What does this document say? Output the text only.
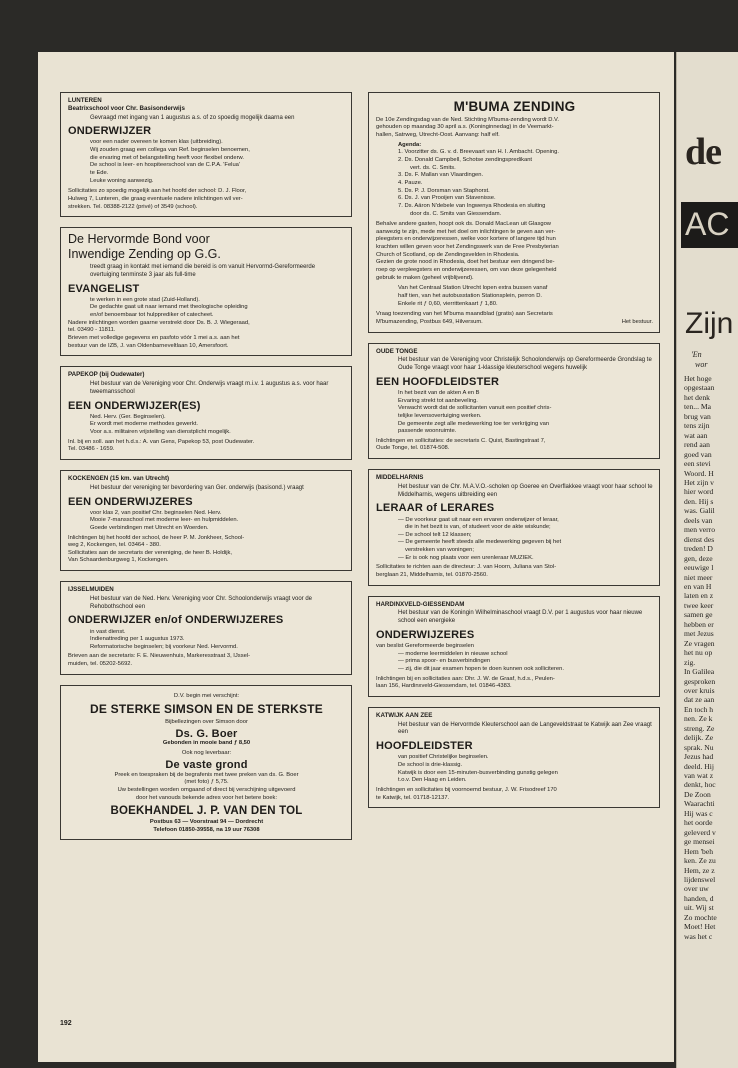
LUNTEREN
Beatrixschool voor Chr. Basisonderwijs
Gevraagd met ingang van 1 augustus a.s. of zo spoedig mogelijk daarna een
ONDERWIJZER
voor een nader overeen te komen klas (uitbreiding).
Wij zouden graag een collega van Ref. beginselen benoemen,
die ervaring met of belangstelling heeft voor flexibel onderw.
De school is leer- en hospiteerschool van de C.P.A. 'Felua'
te Ede.
Leuke woning aanwezig.
Sollicitaties zo spoedig mogelijk aan het hoofd der school: D. J. Floor,
Hulweg 7, Lunteren, die graag eventuele nadere inlichtingen wil ver-
strekken. Tel. 08388-2122 (privé) of 3549 (school).
De Hervormde Bond voor
Inwendige Zending op G.G.
treedt graag in kontakt met iemand die bereid is om vanuit Hervormd-Gereformeerde overtuiging tenminste 3 jaar als full-time
EVANGELIST
te werken in een grote stad (Zuid-Holland).
De gedachte gaat uit naar iemand met theologische opleiding
en/of benoembaar tot hulpprediker of catecheet.
Nadere inlichtingen worden gaarne verstrekt door Ds. B. J. Wiegeraad,
tel. 03490 - 11811.
Brieven met volledige gegevens en pasfoto vóór 1 mei a.s. aan het
bestuur van de IZB, J. van Oldenbarneveltlaan 10, Amersfoort.
PAPEKOP (bij Oudewater)
Het bestuur van de Vereniging voor Chr. Onderwijs vraagt m.i.v. 1 augustus a.s. voor haar tweemansschool
EEN ONDERWIJZER(ES)
Ned. Herv. (Ger. Beginselen).
Er wordt met moderne methodes gewerkt.
Voor a.s. militairen vrijstelling van dienstplicht mogelijk.
Inl. bij en soll. aan het h.d.s.: A. van Gens, Papekop 53, post Oudewater.
Tel. 03486 - 1659.
KOCKENGEN (15 km. van Utrecht)
Het bestuur der vereniging ter bevordering van Ger. onderwijs (basisond.) vraagt
EEN ONDERWIJZERES
voor klas 2, van positief Chr. beginselen Ned. Herv.
Mooie 7-mansschool met moderne leer- en hulpmiddelen.
Goede verbindingen met Utrecht en Woerden.
Inlichtingen bij het hoofd der school, de heer P. M. Jonkheer, School-
weg 2, Kockengen, tel. 03464 - 380.
Sollicitaties aan de secretaris der vereniging, de heer B. Holdijk,
Van Schaardenburgweg 1, Kockengen.
IJSSELMUIDEN
Het bestuur van de Ned. Herv. Vereniging voor Chr. Schoolonderwijs vraagt voor de Rehobothschool een
ONDERWIJZER en/of ONDERWIJZERES
in vast dienst.
Indienattreding per 1 augustus 1973.
Reformatorische beginselen; bij voorkeur Ned. Hervormd.
Brieven aan de secretaris: F. E. Nieuwenhuis, Markeresstraat 3, IJssel-
muiden, tel. 05202-5692.
D.V. begin mei verschijnt:
DE STERKE SIMSON EN DE STERKSTE
Bijbellezingen over Simson door
Ds. G. Boer
Gebonden in mooie band ƒ 8,50
Ook nog leverbaar:
De vaste grond
Preek en toespraken bij de begrafenis met twee preken van ds. G. Boer
(met foto) ƒ 5,75.
Uw bestellingen worden omgaand of direct bij verschijning uitgevoerd
door het vanouds bekende adres voor het betere boek:
BOEKHANDEL J. P. VAN DEN TOL
Postbus 63 — Voorstraat 94 — Dordrecht
Telefoon 01850-39558, na 19 uur 76308
M'BUMA ZENDING
De 10e Zendingsdag van de Ned. Stichting M'buma-zending wordt D.V.
gehouden op maandag 30 april a.s. (Koninginnedag) in de Veemarkt-
hallen, Satrweg, Utrecht-Oost. Aanvang: half elf.
Agenda:
1. Voorzitter ds. G. v. d. Breevaart van H. I. Ambacht. Opening.
2. Ds. Donald Campbell, Schotse zendingspredikant
vert. ds. C. Smits.
3. Ds. F. Mallan van Vlaardingen.
4. Pauze.
5. Ds. P. J. Dorsman van Staphorst.
6. Ds. J. van Prooijen van Stavenisse.
7. Ds. Aäron N'debele van Ingwenya Rhodesia en sluiting
door ds. C. Smits van Giessendam.
Behalve andere gasten, hoopt ook ds. Donald MacLean uit Glasgow
aanwezig te zijn, mede met het doel om inlichtingen te geven aan ver-
pleegsters en onderwijzeressen, welke voor kortere of langere tijd hun
krachten willen geven voor het Zendingswerk van de Free Presbyterian
Church of Scotland, op de Zendingsvelden in Rhodesia.
Gezien de grote nood in Rhodesia, doet het bestuur een dringend be-
roep op verpleegsters en onderwijzeressen, om van deze gelegenheid
gebruik te maken (geheel vrijblijvend).
Van het Centraal Station Utrecht lopen extra bussen vanaf
half tien, van het autobusstation Stationsplein, perron D.
Enkele rit ƒ 0,60, vierrittenkaart ƒ 1,80.
Vraag toezending van het M'buma maandblad (gratis) aan Secretaris
M'bumazending, Postbus 649, Hilversum.	Het bestuur.
OUDE TONGE
Het bestuur van de Vereniging voor Christelijk Schoolonderwijs op Gereformeerde Grondslag te Oude Tonge vraagt voor haar 1-klassige kleuterschool wegens huwelijk
EEN HOOFDLEIDSTER
In het bezit van de akten A en B
Ervaring strekt tot aanbeveling.
Verwacht wordt dat de sollicitanten vanuit een positief chris-
telijke levensovertuiging werken.
De gemeente zegt alle medewerking toe ter verkrijging van
passende woonruimte.
Inlichtingen en sollicitaties: de secretaris C. Quist, Bastingstraat 7,
Oude Tonge, tel. 01874-508.
MIDDELHARNIS
Het bestuur van de Chr. M.A.V.O.-scholen op Goeree en Overflakkee vraagt voor haar school te Middelharnis, wegens uitbreiding een
LERAAR of LERARES
— De voorkeur gaat uit naar een ervaren onderwijzer of leraar,
die in het bezit is van, of studeert voor de akte wiskunde;
— De school telt 12 klassen;
— De gemeente heeft steeds alle medewerking gegeven bij het
verstrekken van woningen;
— Er is ook nog plaats voor een urenleraar MUZIEK.
Sollicitaties te richten aan de directeur: J. van Hoorn, Juliana van Stol-
berglaan 21, Middelharnis, tel. 01870-2560.
HARDINXVELD-GIESSENDAM
Het bestuur van de Koningin Wilhelminaschool vraagt D.V. per 1 augustus voor haar nieuwe school een energieke
ONDERWIJZERES
van beslist Gereformeerde beginselen
— moderne leermiddelen in nieuwe school
— prima spoor- en busverbindingen
— zij, die dit jaar examen hopen te doen kunnen ook solliciteren.
Inlichtingen bij en sollicitaties aan: Dhr. J. W. de Graaf, h.d.s., Peulen-
laan 156, Hardinxveld-Giessendam, tel. 01846-4383.
KATWIJK AAN ZEE
Het bestuur van de Hervormde Kleuterschool aan de Langeveldstraat te Katwijk aan Zee vraagt een
HOOFDLEIDSTER
van positief Christelijke beginselen.
De school is drie-klassig.
Katwijk is door een 15-minuten-busverbinding gunstig gelegen
t.o.v. Den Haag en Leiden.
Inlichtingen en sollicitaties bij voornoemd bestuur, J. W. Frisodreef 170
te Katwijk, tel. 01718-12137.
192
de
AC
Zijn
'En
wor
Het hoge
opgestaan
het denk
ten... Ma
brug van
tens zijn
wat aan
rend aan
goed van
een stevi
Woord. H
Het zijn v
hier word
den. Hij s
was. Galil
deels van
men verro
dienst des
treden! D
gen, deze
eeuwige l
niet meer
en van H
laten en z
twee keer
samen ge
hebben er
met Jezus
Ze vragen
het nu op
zig.
In Galilea
gesproken
over kruis
dat ze aan
En toch h
nen. Ze k
streng. Ze
delijk. Ze
sprak. Nu
Jezus had
deeld. Hij
van wat z
denkt, hoc
De Zoon
Waarachti
Hij was c
het oorde
geleverd v
ge mensei
Hem 'beh
ken. Ze zu
Hem, ze z
lijdenswel
over uw
handen, d
uit. Wij st
Zo mochte
Moet! Het
was het c
